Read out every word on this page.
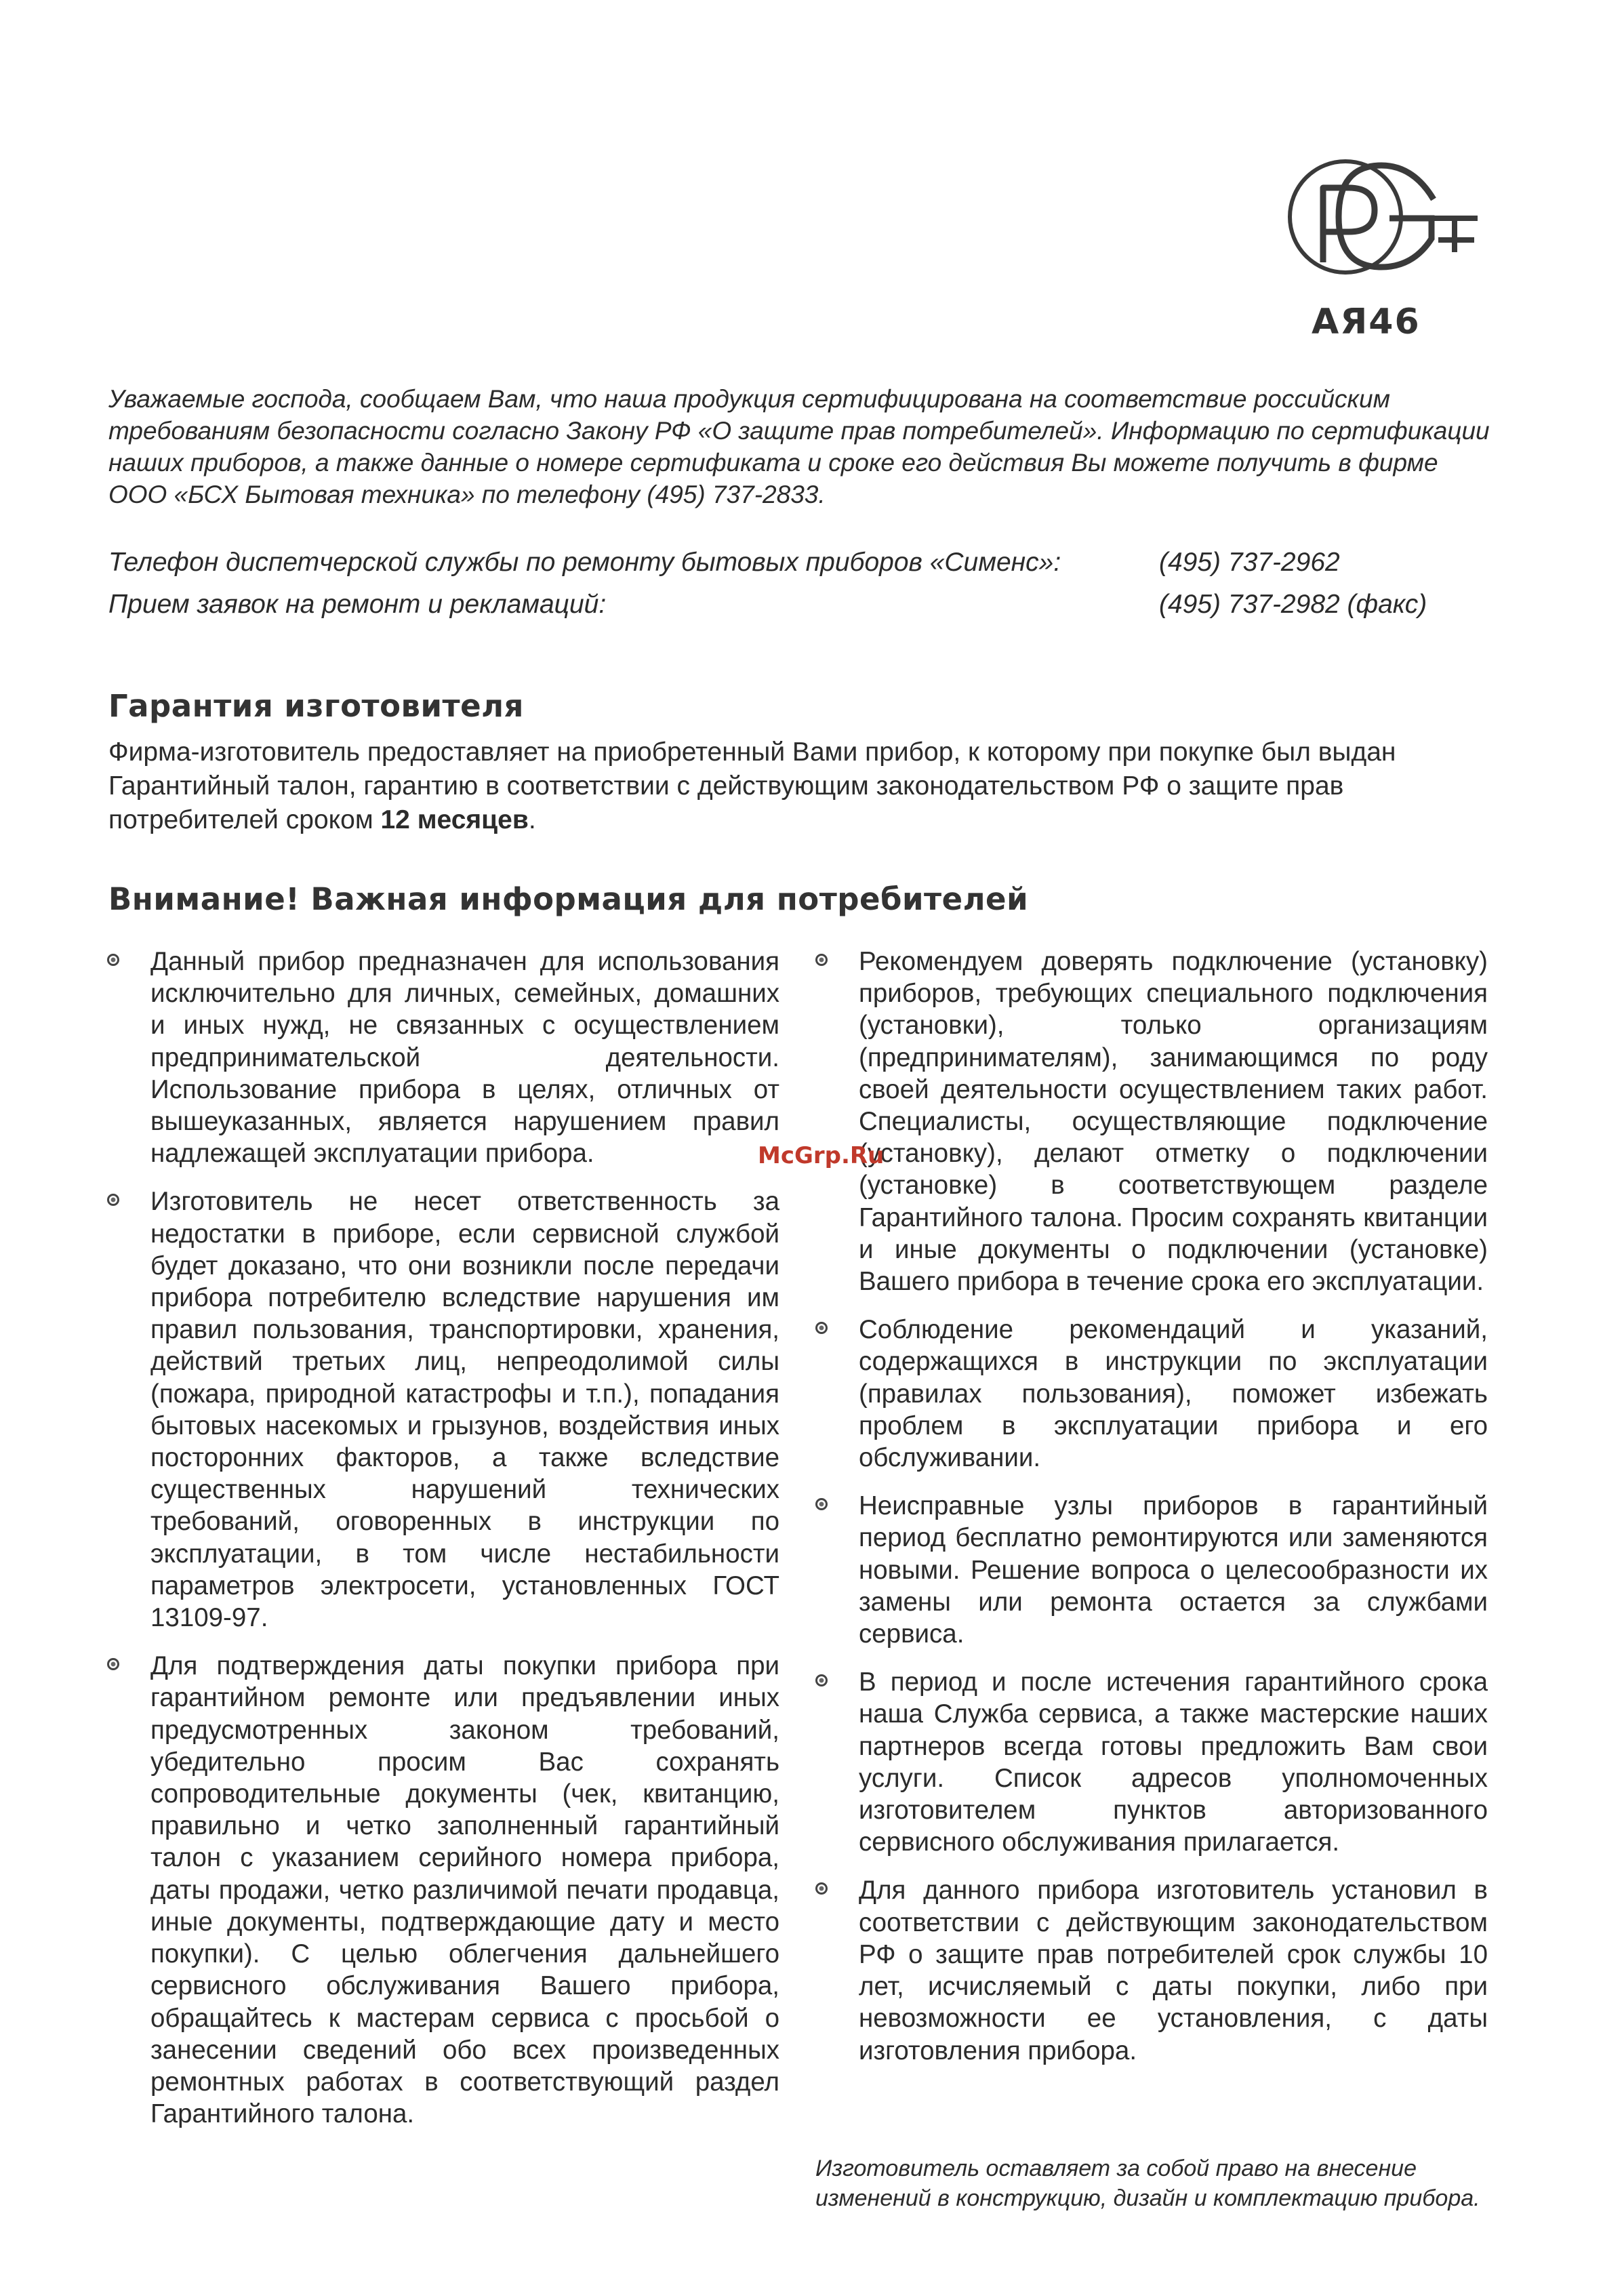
АЯ46

Уважаемые господа, сообщаем Вам, что наша продукция сертифицирована на соответствие российским требованиям безопасности согласно Закону РФ «О защите прав потребителей». Информацию по сертификации наших приборов, а также данные о номере сертификата и сроке его действия Вы можете получить в фирме ООО «БСХ Бытовая техника» по телефону (495) 737-2833.

Телефон диспетчерской службы по ремонту бытовых приборов «Сименс»:	(495) 737-2962
Прием заявок на ремонт и рекламаций:	(495) 737-2982 (факс)
Гарантия изготовителя
Фирма-изготовитель предоставляет на приобретенный Вами прибор, к которому при покупке был выдан Гарантийный талон, гарантию в соответствии с действующим законодательством РФ о защите прав потребителей сроком 12 месяцев.
Внимание! Важная информация для потребителей
Данный прибор предназначен для использования исключительно для личных, семейных, домашних и иных нужд, не связанных с осуществлением предпринимательской деятельности. Использование прибора в целях, отличных от вышеуказанных, является нарушением правил надлежащей эксплуатации прибора.
Изготовитель не несет ответственность за недостатки в приборе, если сервисной службой будет доказано, что они возникли после передачи прибора потребителю вследствие нарушения им правил пользования, транспортировки, хранения, действий третьих лиц, непреодолимой силы (пожара, природной катастрофы и т.п.), попадания бытовых насекомых и грызунов, воздействия иных посторонних факторов, а также вследствие существенных нарушений технических требований, оговоренных в инструкции по эксплуатации, в том числе нестабильности параметров электросети, установленных ГОСТ 13109-97.
Для подтверждения даты покупки прибора при гарантийном ремонте или предъявлении иных предусмотренных законом требований, убедительно просим Вас сохранять сопроводительные документы (чек, квитанцию, правильно и четко заполненный гарантийный талон с указанием серийного номера прибора, даты продажи, четко различимой печати продавца, иные документы, подтверждающие дату и место покупки). С целью облегчения дальнейшего сервисного обслуживания Вашего прибора, обращайтесь к мастерам сервиса с просьбой о занесении сведений обо всех произведенных ремонтных работах в соответствующий раздел Гарантийного талона.
Рекомендуем доверять подключение (установку) приборов, требующих специального подключения (установки), только организациям (предпринимателям), занимающимся по роду своей деятельности осуществлением таких работ. Специалисты, осуществляющие подключение (установку), делают отметку о подключении (установке) в соответствующем разделе Гарантийного талона. Просим сохранять квитанции и иные документы о подключении (установке) Вашего прибора в течение срока его эксплуатации.
Соблюдение рекомендаций и указаний, содержащихся в инструкции по эксплуатации (правилах пользования), поможет избежать проблем в эксплуатации прибора и его обслуживании.
Неисправные узлы приборов в гарантийный период бесплатно ремонтируются или заменяются новыми. Решение вопроса о целесообразности их замены или ремонта остается за службами сервиса.
В период и после истечения гарантийного срока наша Служба сервиса, а также мастерские наших партнеров всегда готовы предложить Вам свои услуги. Список адресов уполномоченных изготовителем пунктов авторизованного сервисного обслуживания прилагается.
Для данного прибора изготовитель установил в соответствии с действующим законодательством РФ о защите прав потребителей срок службы 10 лет, исчисляемый с даты покупки, либо при невозможности ее установления, с даты изготовления прибора.
Изготовитель оставляет за собой право на внесение изменений в конструкцию, дизайн и комплектацию прибора.
McGrp.Ru
